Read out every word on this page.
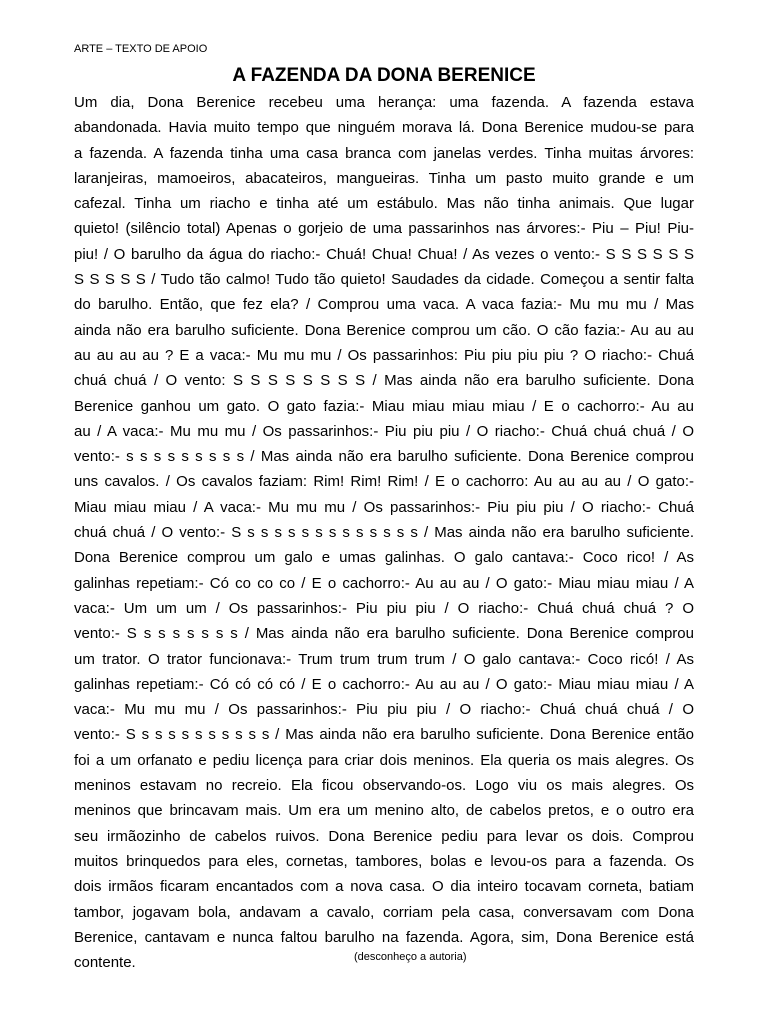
ARTE – TEXTO DE APOIO
A FAZENDA DA DONA BERENICE
Um dia, Dona Berenice recebeu uma herança: uma fazenda. A fazenda estava
abandonada. Havia muito tempo que ninguém morava lá. Dona Berenice mudou-se para
a fazenda. A fazenda tinha uma casa branca com janelas verdes. Tinha muitas árvores:
laranjeiras, mamoeiros, abacateiros, mangueiras. Tinha um pasto muito grande e um
cafezal. Tinha um riacho e tinha até um estábulo. Mas não tinha animais. Que lugar
quieto! (silêncio total) Apenas o gorjeio de uma passarinhos nas árvores:- Piu – Piu! Piu-
piu! / O barulho da água do riacho:- Chuá! Chua! Chua! / As vezes o vento:- S S S S S S
S S S S S / Tudo tão calmo! Tudo tão quieto! Saudades da cidade. Começou a sentir falta
do barulho. Então, que fez ela? / Comprou uma vaca. A vaca fazia:- Mu mu mu / Mas
ainda não era barulho suficiente. Dona Berenice comprou um cão. O cão fazia:- Au au au
au au au au ? E a vaca:- Mu mu mu / Os passarinhos: Piu piu piu piu ? O riacho:- Chuá
chuá chuá / O vento: S S S S S S S S / Mas ainda não era barulho suficiente. Dona
Berenice ganhou um gato. O gato fazia:- Miau miau miau miau / E o cachorro:- Au au
au / A vaca:- Mu mu mu / Os passarinhos:- Piu piu piu / O riacho:- Chuá chuá chuá / O
vento:- s s s s s s s s s / Mas ainda não era barulho suficiente. Dona Berenice comprou
uns cavalos. / Os cavalos faziam: Rim! Rim! Rim! / E o cachorro: Au au au au / O gato:-
Miau miau miau / A vaca:- Mu mu mu / Os passarinhos:- Piu piu piu / O riacho:- Chuá
chuá chuá / O vento:- S s s s s s s s s s s s s s / Mas ainda não era barulho suficiente.
Dona Berenice comprou um galo e umas galinhas. O galo cantava:- Coco rico! / As
galinhas repetiam:- Có co co co / E o cachorro:- Au au au / O gato:- Miau miau miau / A
vaca:- Um um um / Os passarinhos:- Piu piu piu / O riacho:- Chuá chuá chuá ? O
vento:- S s s s s s s s / Mas ainda não era barulho suficiente. Dona Berenice comprou
um trator. O trator funcionava:- Trum trum trum trum / O galo cantava:- Coco ricó! / As
galinhas repetiam:- Có có có có / E o cachorro:- Au au au / O gato:- Miau miau miau / A
vaca:- Mu mu mu / Os passarinhos:- Piu piu piu / O riacho:- Chuá chuá chuá / O
vento:- S s s s s s s s s s s / Mas ainda não era barulho suficiente. Dona Berenice então
foi a um orfanato e pediu licença para criar dois meninos. Ela queria os mais alegres. Os
meninos estavam no recreio. Ela ficou observando-os. Logo viu os mais alegres. Os
meninos que brincavam mais. Um era um menino alto, de cabelos pretos, e o outro era
seu irmãozinho de cabelos ruivos. Dona Berenice pediu para levar os dois. Comprou
muitos brinquedos para eles, cornetas, tambores, bolas e levou-os para a fazenda. Os
dois irmãos ficaram encantados com a nova casa. O dia inteiro tocavam corneta, batiam
tambor, jogavam bola, andavam a cavalo, corriam pela casa, conversavam com Dona
Berenice, cantavam e nunca faltou barulho na fazenda. Agora, sim, Dona Berenice está
contente.	(desconheço a autoria)
